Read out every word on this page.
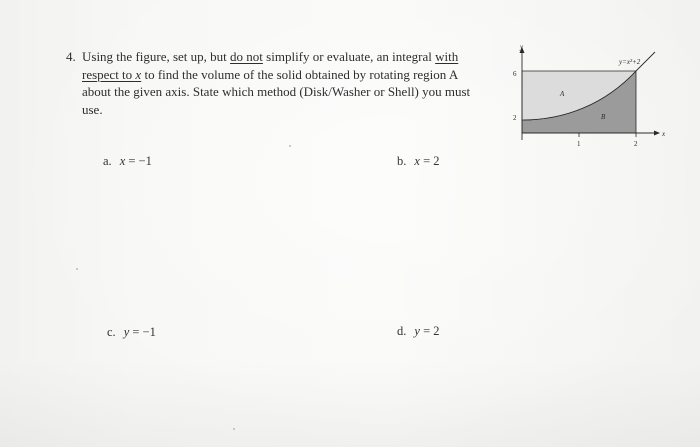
4. Using the figure, set up, but do not simplify or evaluate, an integral with respect to x to find the volume of the solid obtained by rotating region A about the given axis. State which method (Disk/Washer or Shell) you must use.
a. x = −1	b. x = 2
c. y = −1	d. y = 2
y
x
6
2
1	2
A
B
y=x²+2
